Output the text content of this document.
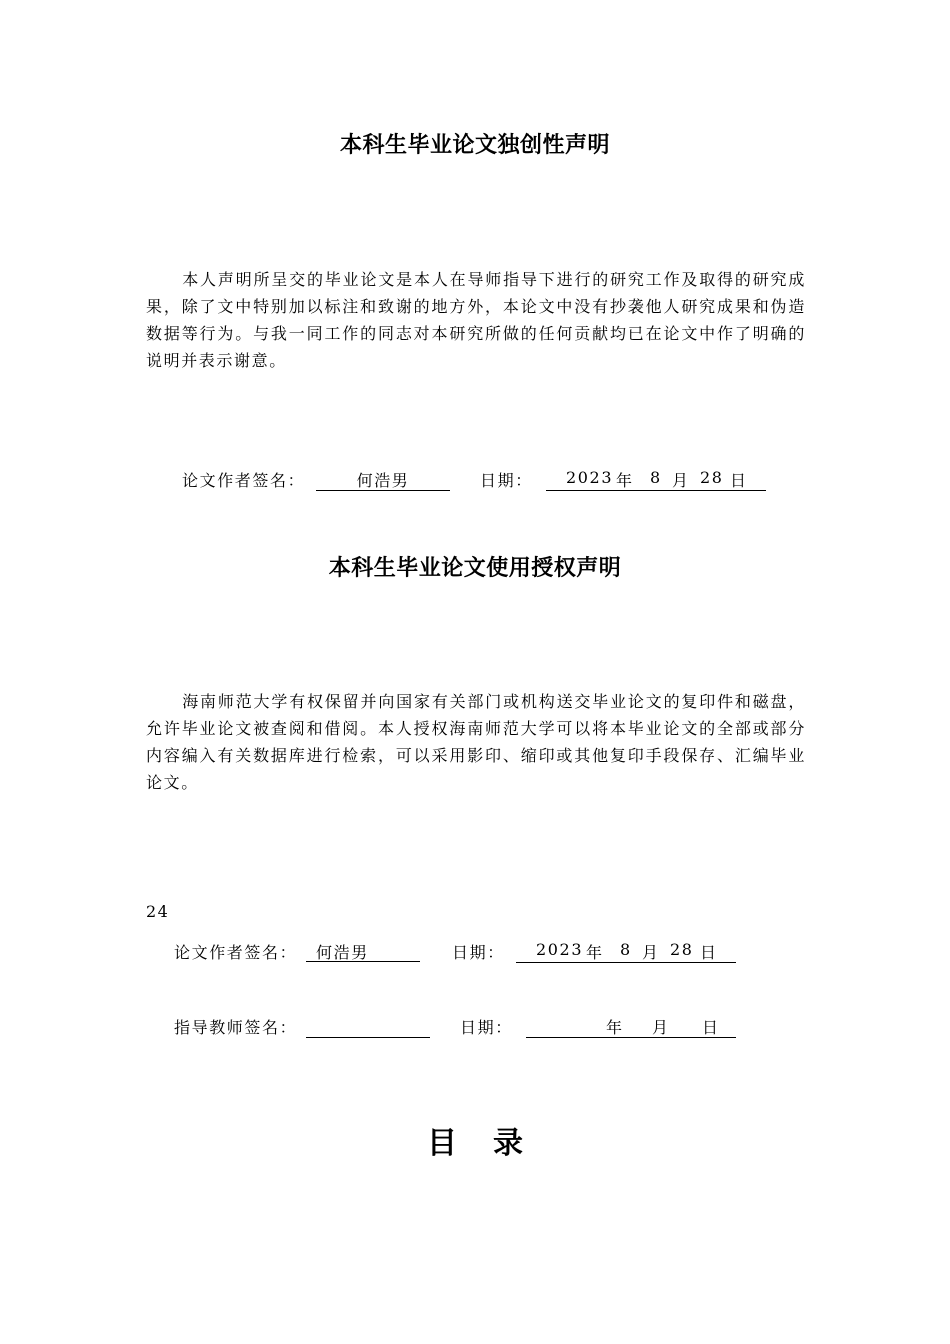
本科生毕业论文独创性声明

本人声明所呈交的毕业论文是本人在导师指导下进行的研究工作及取得的研究成果，除了文中特别加以标注和致谢的地方外，本论文中没有抄袭他人研究成果和伪造数据等行为。与我一同工作的同志对本研究所做的任何贡献均已在论文中作了明确的说明并表示谢意。

论文作者签名：	何浩男	日期： 2023 年 8 月 28 日
本科生毕业论文使用授权声明

海南师范大学有权保留并向国家有关部门或机构送交毕业论文的复印件和磁盘，允许毕业论文被查阅和借阅。本人授权海南师范大学可以将本毕业论文的全部或部分内容编入有关数据库进行检索，可以采用影印、缩印或其他复印手段保存、汇编毕业论文。

24
论文作者签名：	何浩男	日期： 2023 年 8 月 28 日
指导教师签名：	日期：	年 月 日
目录
